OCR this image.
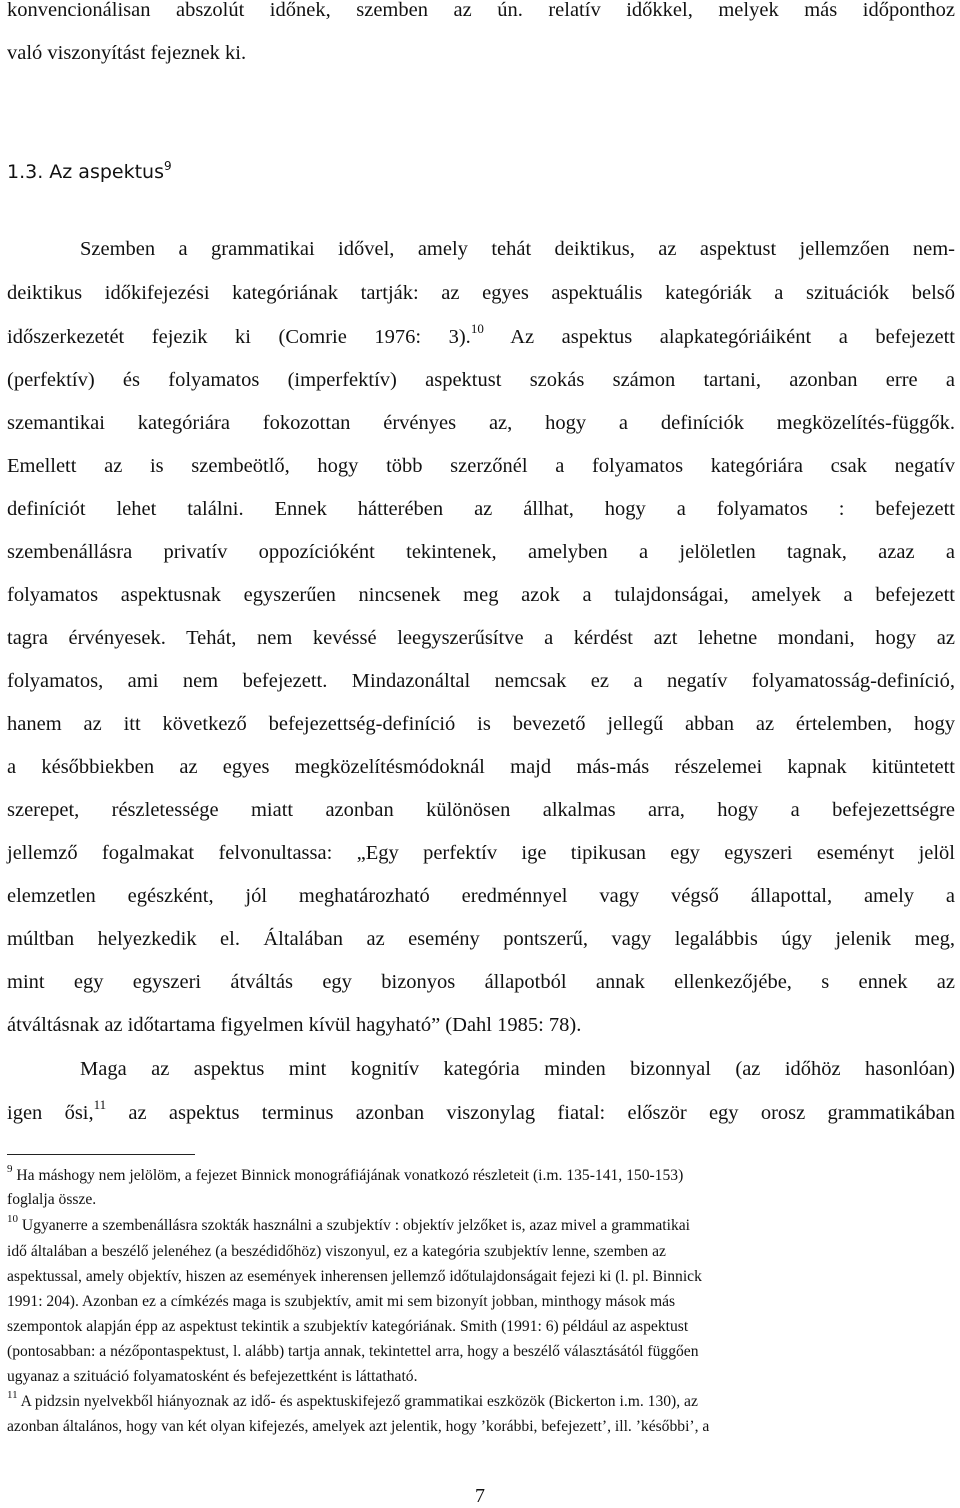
konvencionálisan abszolút időnek, szemben az ún. relatív időkkel, melyek más időponthoz
való viszonyítást fejeznek ki.
1.3. Az aspektus$^9$
Szemben a grammatikai idővel, amely tehát deiktikus, az aspektust jellemzően nem-
deiktikus időkifejezési kategóriának tartják: az egyes aspektuális kategóriák a szituációk belső
időszerkezetét fejezik ki (Comrie 1976: 3).$^{10}$ Az aspektus alapkategóriáiként a befejezett
(perfektív) és folyamatos (imperfektív) aspektust szokás számon tartani, azonban erre a
szemantikai kategóriára fokozottan érvényes az, hogy a definíciók megközelítés-függők.
Emellett az is szembeötlő, hogy több szerzőnél a folyamatos kategóriára csak negatív
definíciót lehet találni. Ennek hátterében az állhat, hogy a folyamatos : befejezett
szembenállásra privatív oppozícióként tekintenek, amelyben a jelöletlen tagnak, azaz a
folyamatos aspektusnak egyszerűen nincsenek meg azok a tulajdonságai, amelyek a befejezett
tagra érvényesek. Tehát, nem kevéssé leegyszerűsítve a kérdést azt lehetne mondani, hogy az
folyamatos, ami nem befejezett. Mindazonáltal nemcsak ez a negatív folyamatosság-definíció,
hanem az itt következő befejezettség-definíció is bevezető jellegű abban az értelemben, hogy
a későbbiekben az egyes megközelítésmódoknál majd más-más részelemei kapnak kitüntetett
szerepet, részletessége miatt azonban különösen alkalmas arra, hogy a befejezettségre
jellemző fogalmakat felvonultassa: „Egy perfektív ige tipikusan egy egyszeri eseményt jelöl
elemzetlen egészként, jól meghatározható eredménnyel vagy végső állapottal, amely a
múltban helyezkedik el. Általában az esemény pontszerű, vagy legalábbis úgy jelenik meg,
mint egy egyszeri átváltás egy bizonyos állapotból annak ellenkezőjébe, s ennek az
átváltásnak az időtartama figyelmen kívül hagyható” (Dahl 1985: 78).
Maga az aspektus mint kognitív kategória minden bizonnyal (az időhöz hasonlóan)
igen ősi,$^{11}$ az aspektus terminus azonban viszonylag fiatal: először egy orosz grammatikában
$^9$ Ha máshogy nem jelölöm, a fejezet Binnick monográfiájának vonatkozó részleteit (i.m. 135-141, 150-153)
foglalja össze.
$^{10}$ Ugyanerre a szembenállásra szokták használni a szubjektív : objektív jelzőket is, azaz mivel a grammatikai
idő általában a beszélő jelenéhez (a beszédidőhöz) viszonyul, ez a kategória szubjektív lenne, szemben az
aspektussal, amely objektív, hiszen az események inherensen jellemző időtulajdonságait fejezi ki (l. pl. Binnick
1991: 204). Azonban ez a címkézés maga is szubjektív, amit mi sem bizonyít jobban, minthogy mások más
szempontok alapján épp az aspektust tekintik a szubjektív kategóriának. Smith (1991: 6) például az aspektust
(pontosabban: a nézőpontaspektust, l. alább) tartja annak, tekintettel arra, hogy a beszélő választásától függően
ugyanaz a szituáció folyamatosként és befejezettként is láttatható.
$^{11}$ A pidzsin nyelvekből hiányoznak az idő- és aspektuskifejező grammatikai eszközök (Bickerton i.m. 130), az
azonban általános, hogy van két olyan kifejezés, amelyek azt jelentik, hogy ’korábbi, befejezett’, ill. ’későbbi’, a
7
